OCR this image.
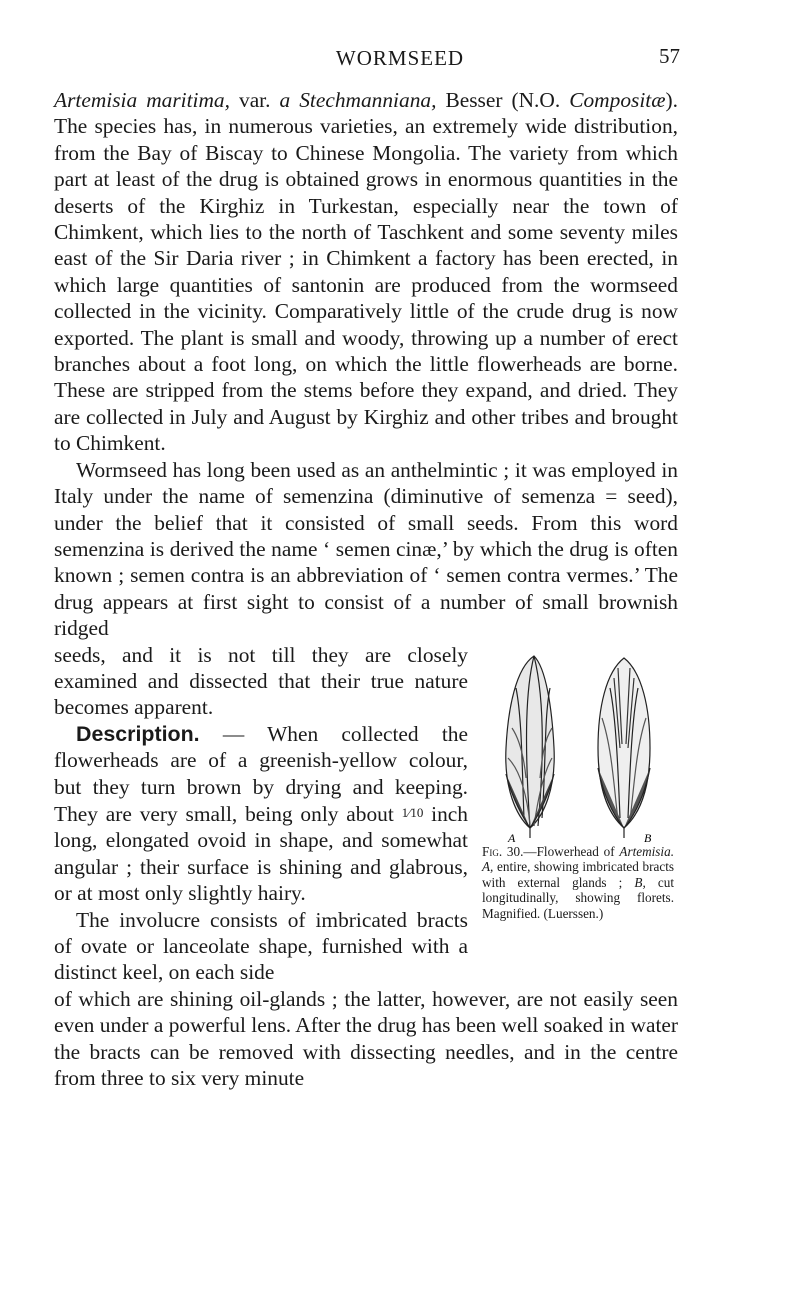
WORMSEED	57

Artemisia maritima, var. a Stechmanniana, Besser (N.O. Compositæ). The species has, in numerous varieties, an extremely wide distribution, from the Bay of Biscay to Chinese Mongolia. The variety from which part at least of the drug is obtained grows in enormous quantities in the deserts of the Kirghiz in Turkestan, especially near the town of Chimkent, which lies to the north of Taschkent and some seventy miles east of the Sir Daria river ; in Chimkent a factory has been erected, in which large quantities of santonin are produced from the wormseed collected in the vicinity. Comparatively little of the crude drug is now exported. The plant is small and woody, throwing up a number of erect branches about a foot long, on which the little flowerheads are borne. These are stripped from the stems before they expand, and dried. They are collected in July and August by Kirghiz and other tribes and brought to Chimkent.

Wormseed has long been used as an anthelmintic ; it was employed in Italy under the name of semenzina (diminutive of semenza = seed), under the belief that it consisted of small seeds. From this word semenzina is derived the name ‘ semen cinæ,’ by which the drug is often known ; semen contra is an abbreviation of ‘ semen contra vermes.’ The drug appears at first sight to consist of a number of small brownish ridged

A	B
Fig. 30.—Flowerhead of Artemisia. A, entire, showing imbricated bracts with external glands ; B, cut longitudinally, showing florets. Magnified. (Luerssen.)

seeds, and it is not till they are closely examined and dissected that their true nature becomes apparent.

Description. — When collected the flowerheads are of a greenish-yellow colour, but they turn brown by drying and keeping. They are very small, being only about 1⁄10 inch long, elongated ovoid in shape, and somewhat angular ; their surface is shining and glabrous, or at most only slightly hairy.

The involucre consists of imbricated bracts of ovate or lanceolate shape, furnished with a distinct keel, on each side

of which are shining oil-glands ; the latter, however, are not easily seen even under a powerful lens. After the drug has been well soaked in water the bracts can be removed with dissecting needles, and in the centre from three to six very minute
